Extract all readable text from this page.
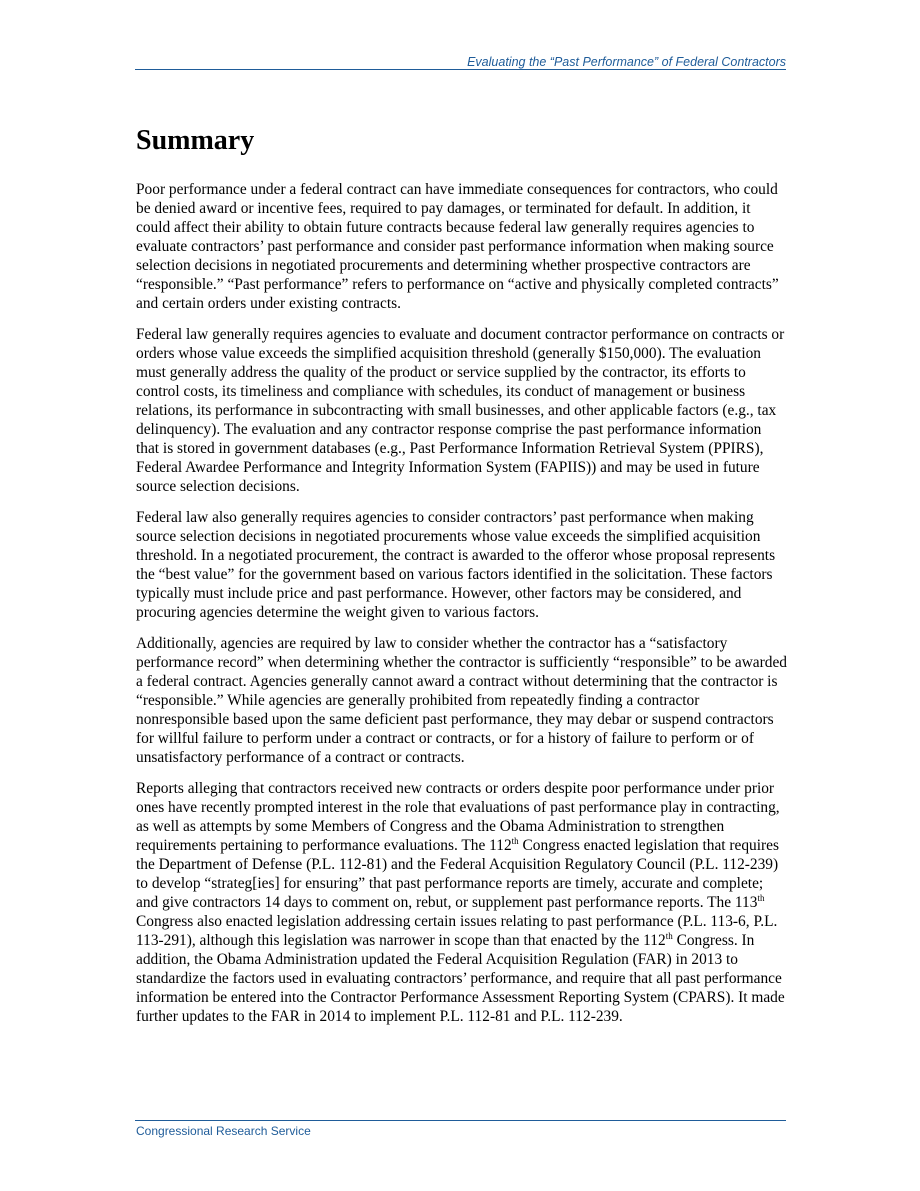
Evaluating the “Past Performance” of Federal Contractors
Summary

Poor performance under a federal contract can have immediate consequences for contractors, who could be denied award or incentive fees, required to pay damages, or terminated for default. In addition, it could affect their ability to obtain future contracts because federal law generally requires agencies to evaluate contractors’ past performance and consider past performance information when making source selection decisions in negotiated procurements and determining whether prospective contractors are “responsible.” “Past performance” refers to performance on “active and physically completed contracts” and certain orders under existing contracts.

Federal law generally requires agencies to evaluate and document contractor performance on contracts or orders whose value exceeds the simplified acquisition threshold (generally $150,000). The evaluation must generally address the quality of the product or service supplied by the contractor, its efforts to control costs, its timeliness and compliance with schedules, its conduct of management or business relations, its performance in subcontracting with small businesses, and other applicable factors (e.g., tax delinquency). The evaluation and any contractor response comprise the past performance information that is stored in government databases (e.g., Past Performance Information Retrieval System (PPIRS), Federal Awardee Performance and Integrity Information System (FAPIIS)) and may be used in future source selection decisions.

Federal law also generally requires agencies to consider contractors’ past performance when making source selection decisions in negotiated procurements whose value exceeds the simplified acquisition threshold. In a negotiated procurement, the contract is awarded to the offeror whose proposal represents the “best value” for the government based on various factors identified in the solicitation. These factors typically must include price and past performance. However, other factors may be considered, and procuring agencies determine the weight given to various factors.

Additionally, agencies are required by law to consider whether the contractor has a “satisfactory performance record” when determining whether the contractor is sufficiently “responsible” to be awarded a federal contract. Agencies generally cannot award a contract without determining that the contractor is “responsible.” While agencies are generally prohibited from repeatedly finding a contractor nonresponsible based upon the same deficient past performance, they may debar or suspend contractors for willful failure to perform under a contract or contracts, or for a history of failure to perform or of unsatisfactory performance of a contract or contracts.

Reports alleging that contractors received new contracts or orders despite poor performance under prior ones have recently prompted interest in the role that evaluations of past performance play in contracting, as well as attempts by some Members of Congress and the Obama Administration to strengthen requirements pertaining to performance evaluations. The 112th Congress enacted legislation that requires the Department of Defense (P.L. 112-81) and the Federal Acquisition Regulatory Council (P.L. 112-239) to develop “strateg[ies] for ensuring” that past performance reports are timely, accurate and complete; and give contractors 14 days to comment on, rebut, or supplement past performance reports. The 113th Congress also enacted legislation addressing certain issues relating to past performance (P.L. 113-6, P.L. 113-291), although this legislation was narrower in scope than that enacted by the 112th Congress. In addition, the Obama Administration updated the Federal Acquisition Regulation (FAR) in 2013 to standardize the factors used in evaluating contractors’ performance, and require that all past performance information be entered into the Contractor Performance Assessment Reporting System (CPARS). It made further updates to the FAR in 2014 to implement P.L. 112-81 and P.L. 112-239.

Congressional Research Service
